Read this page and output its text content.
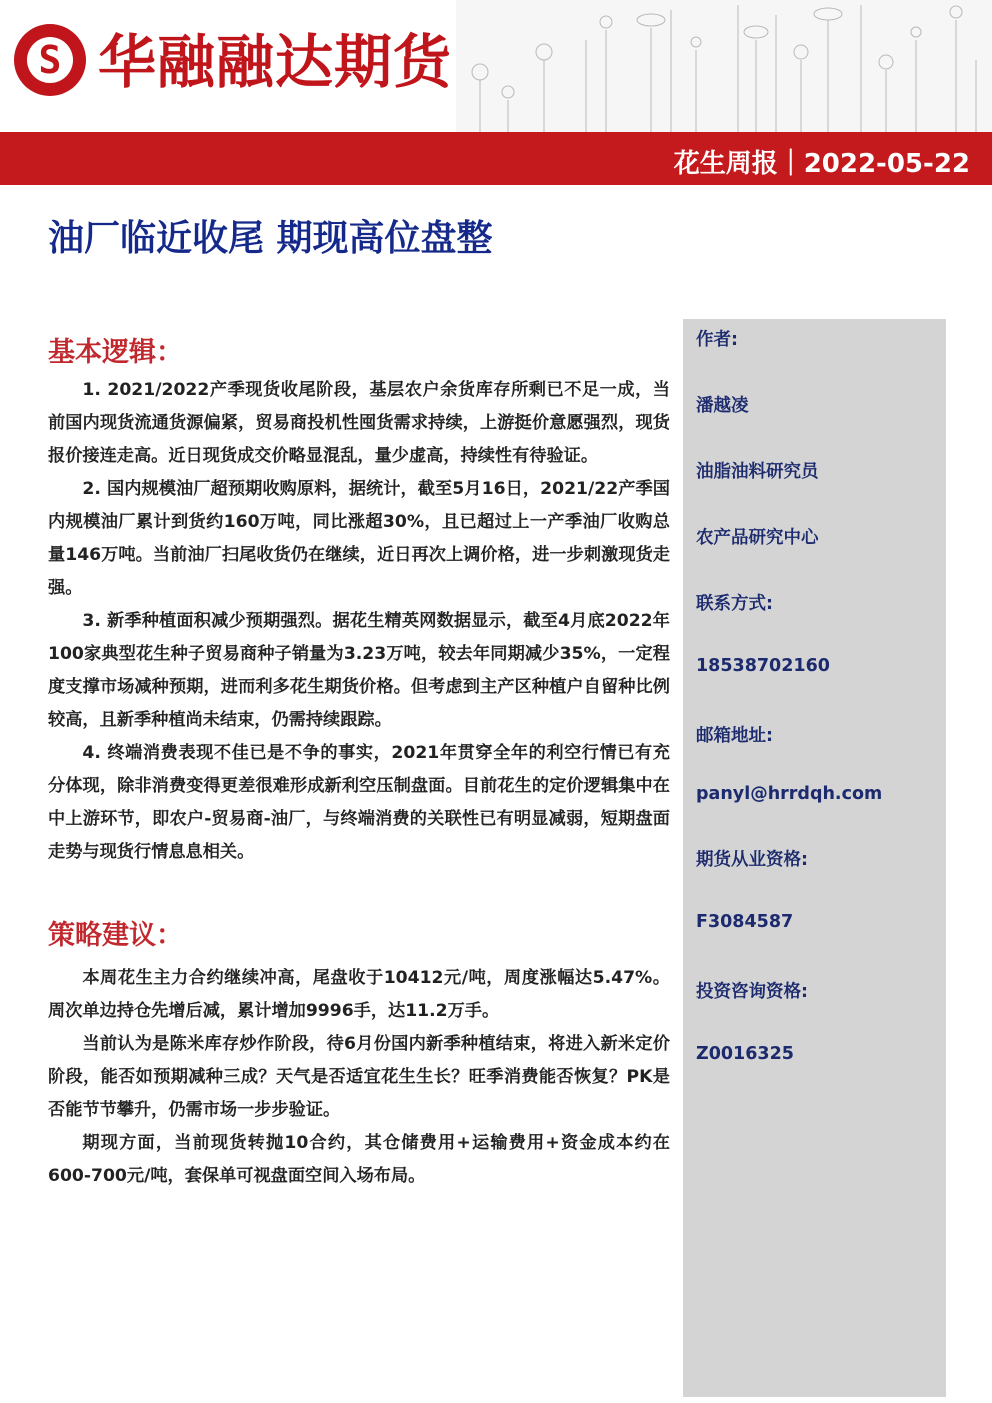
S 华融融达期货
花生周报｜2022-05-22
油厂临近收尾 期现高位盘整
基本逻辑：

1. 2021/2022产季现货收尾阶段，基层农户余货库存所剩已不足一成，当前国内现货流通货源偏紧，贸易商投机性囤货需求持续，上游挺价意愿强烈，现货报价接连走高。近日现货成交价略显混乱，量少虚高，持续性有待验证。

2. 国内规模油厂超预期收购原料，据统计，截至5月16日，2021/22产季国内规模油厂累计到货约160万吨，同比涨超30%，且已超过上一产季油厂收购总量146万吨。当前油厂扫尾收货仍在继续，近日再次上调价格，进一步刺激现货走强。

3. 新季种植面积减少预期强烈。据花生精英网数据显示，截至4月底2022年100家典型花生种子贸易商种子销量为3.23万吨，较去年同期减少35%，一定程度支撑市场减种预期，进而利多花生期货价格。但考虑到主产区种植户自留种比例较高，且新季种植尚未结束，仍需持续跟踪。

4. 终端消费表现不佳已是不争的事实，2021年贯穿全年的利空行情已有充分体现，除非消费变得更差很难形成新利空压制盘面。目前花生的定价逻辑集中在中上游环节，即农户-贸易商-油厂，与终端消费的关联性已有明显减弱，短期盘面走势与现货行情息息相关。

策略建议：

本周花生主力合约继续冲高，尾盘收于10412元/吨，周度涨幅达5.47%。周次单边持仓先增后减，累计增加9996手，达11.2万手。

当前认为是陈米库存炒作阶段，待6月份国内新季种植结束，将进入新米定价阶段，能否如预期减种三成？天气是否适宜花生生长？旺季消费能否恢复？PK是否能节节攀升，仍需市场一步步验证。

期现方面，当前现货转抛10合约，其仓储费用+运输费用+资金成本约在600-700元/吨，套保单可视盘面空间入场布局。

作者:
潘越凌
油脂油料研究员
农产品研究中心
联系方式:
18538702160
邮箱地址:
panyl@hrrdqh.com
期货从业资格:
F3084587
投资咨询资格:
Z0016325
